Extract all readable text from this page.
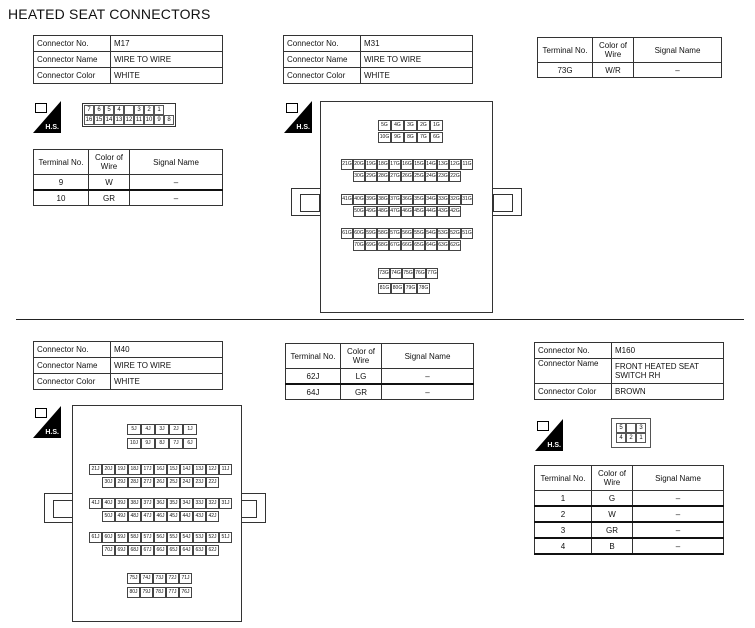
HEATED SEAT CONNECTORS
Connector No.	M17
Connector Name	WIRE TO WIRE
Connector Color	WHITE
H.S.
7	6	5	4	3	2	1
16 15 14 13 12 11 10 9	8
Terminal No.	Color of Wire	Signal Name
9	W	–
10	GR	–
Connector No.	M31
Connector Name	WIRE TO WIRE
Connector Color	WHITE
H.S.	5G	4G	3G	2G	1G
10G 9G	8G	7G	6G
21G 20G 19G 18G 17G 16G 15G 14G 13G 12G 11G
30G 29G 28G 27G 26G 25G 24G 23G 22G
41G 40G 39G 38G 37G 36G 35G 34G 33G 32G 31G
50G 49G 48G 47G 46G 45G 44G 43G 42G
61G 60G 59G 58G 57G 56G 55G 54G 53G 52G 51G
70G 69G 68G 67G 66G 65G 64G 63G 62G
73G 74G 75G 76G 77G
81G 80G 79G 78G
Terminal No.	Color of Wire	Signal Name
73G	W/R	–
Connector No.	M40
Connector Name	WIRE TO WIRE
Connector Color	WHITE
H.S.	5J	4J	3J	2J	1J
10J	9J	8J	7J	6J
21J 20J 19J 18J 17J 16J 15J 14J 13J 12J	11J
30J 29J 28J 27J 26J 25J 24J 23J 22J
41J 40J 39J 38J 37J 36J 35J 34J 33J 32J 31J
50J 49J 48J 47J 46J 45J 44J 43J 42J
61J 60J 59J 58J 57J 56J 55J 54J 53J 52J 51J
70J 69J 68J 67J 66J 65J 64J 63J 62J
75J 74J 73J 72J 71J
80J 79J 78J 77J 76J
Terminal No.	Color of Wire	Signal Name
62J	LG	–
64J	GR	–
Connector No.	M160
Connector Name	FRONT HEATED SEAT SWITCH RH
Connector Color	BROWN
H.S.
5	3
4	2	1
Terminal No.	Color of Wire	Signal Name
1	G	–
2	W	–
3	GR	–
4	B	–
